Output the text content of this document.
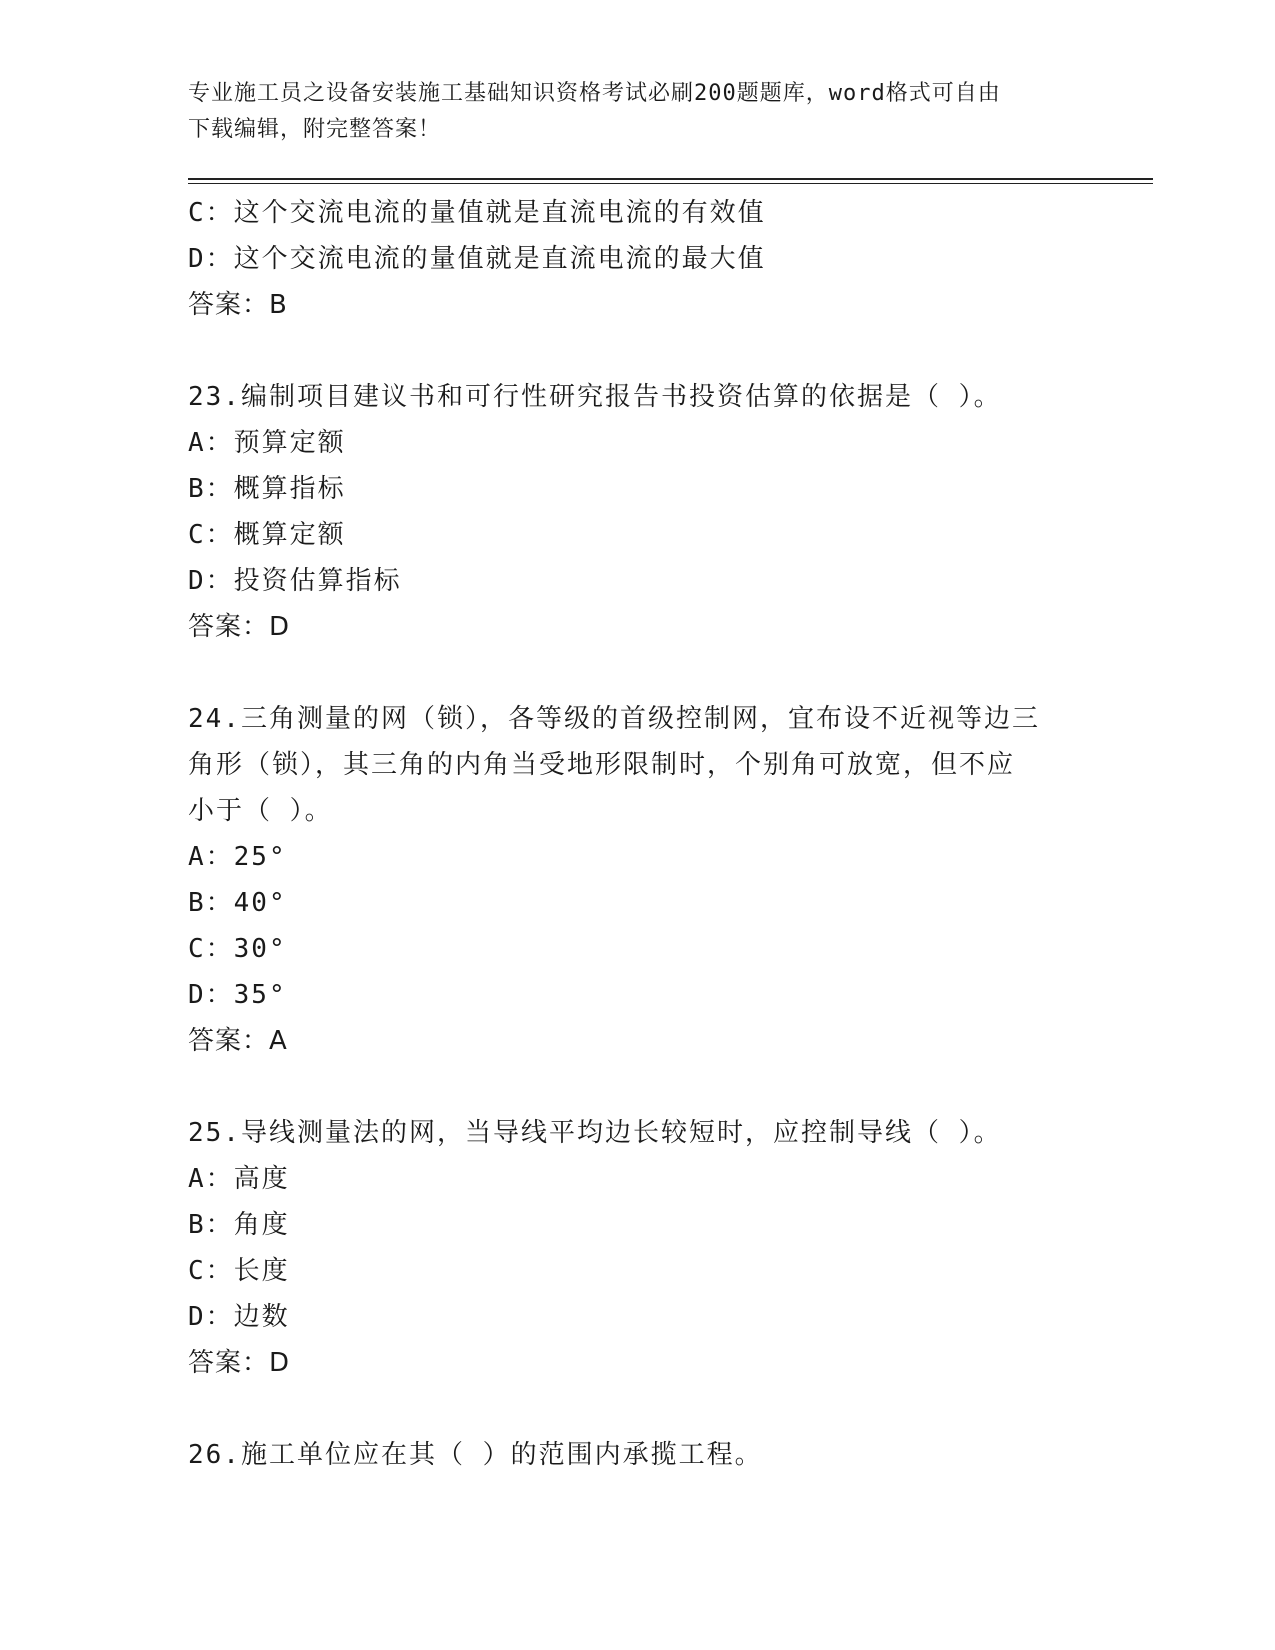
专业施工员之设备安装施工基础知识资格考试必刷200题题库，word格式可自由
下载编辑，附完整答案！
C：这个交流电流的量值就是直流电流的有效值
D：这个交流电流的量值就是直流电流的最大值
答案：B
23.编制项目建议书和可行性研究报告书投资估算的依据是（ ）。
A：预算定额
B：概算指标
C：概算定额
D：投资估算指标
答案：D
24.三角测量的网（锁），各等级的首级控制网，宜布设不近视等边三
角形（锁），其三角的内角当受地形限制时，个别角可放宽，但不应
小于（ ）。
A：25°
B：40°
C：30°
D：35°
答案：A
25.导线测量法的网，当导线平均边长较短时，应控制导线（ ）。
A：高度
B：角度
C：长度
D：边数
答案：D
26.施工单位应在其（ ）的范围内承揽工程。
